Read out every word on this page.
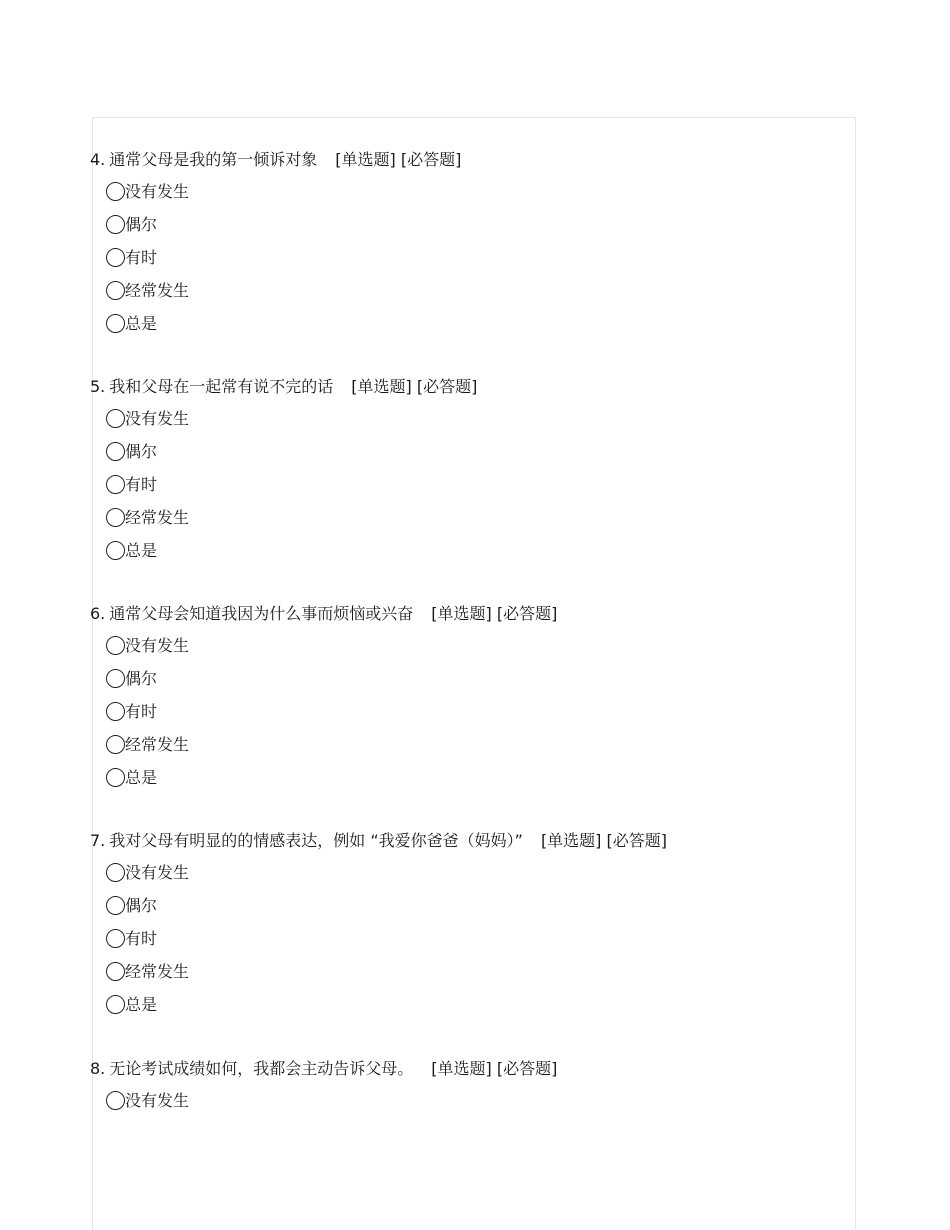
4. 通常父母是我的第一倾诉对象 [单选题] [必答题]
没有发生
偶尔
有时
经常发生
总是
5. 我和父母在一起常有说不完的话 [单选题] [必答题]
没有发生
偶尔
有时
经常发生
总是
6. 通常父母会知道我因为什么事而烦恼或兴奋 [单选题] [必答题]
没有发生
偶尔
有时
经常发生
总是
7. 我对父母有明显的的情感表达，例如 “我爱你爸爸（妈妈）” [单选题] [必答题]
没有发生
偶尔
有时
经常发生
总是
8. 无论考试成绩如何，我都会主动告诉父母。 [单选题] [必答题]
没有发生
